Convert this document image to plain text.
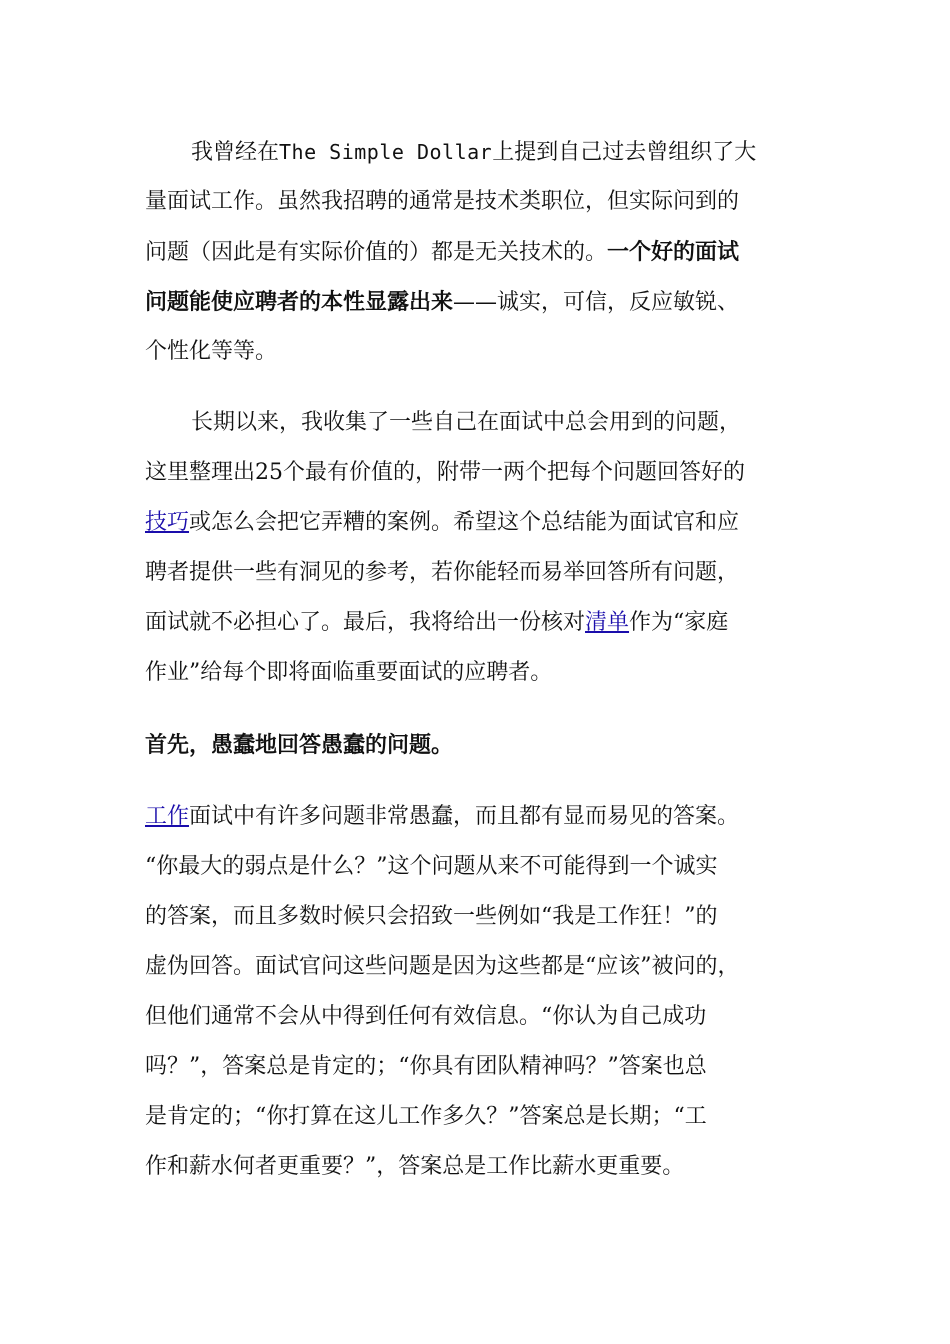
我曾经在The Simple Dollar上提到自己过去曾组织了大
量面试工作。虽然我招聘的通常是技术类职位，但实际问到的
问题（因此是有实际价值的）都是无关技术的。一个好的面试
问题能使应聘者的本性显露出来——诚实，可信，反应敏锐、
个性化等等。
长期以来，我收集了一些自己在面试中总会用到的问题，
这里整理出25个最有价值的，附带一两个把每个问题回答好的
技巧或怎么会把它弄糟的案例。希望这个总结能为面试官和应
聘者提供一些有洞见的参考，若你能轻而易举回答所有问题，
面试就不必担心了。最后，我将给出一份核对清单作为“家庭
作业”给每个即将面临重要面试的应聘者。

首先，愚蠢地回答愚蠢的问题。

工作面试中有许多问题非常愚蠢，而且都有显而易见的答案。
“你最大的弱点是什么？”这个问题从来不可能得到一个诚实
的答案，而且多数时候只会招致一些例如“我是工作狂！”的
虚伪回答。面试官问这些问题是因为这些都是“应该”被问的，
但他们通常不会从中得到任何有效信息。“你认为自己成功
吗？”，答案总是肯定的；“你具有团队精神吗？”答案也总
是肯定的；“你打算在这儿工作多久？”答案总是长期；“工
作和薪水何者更重要？”，答案总是工作比薪水更重要。
